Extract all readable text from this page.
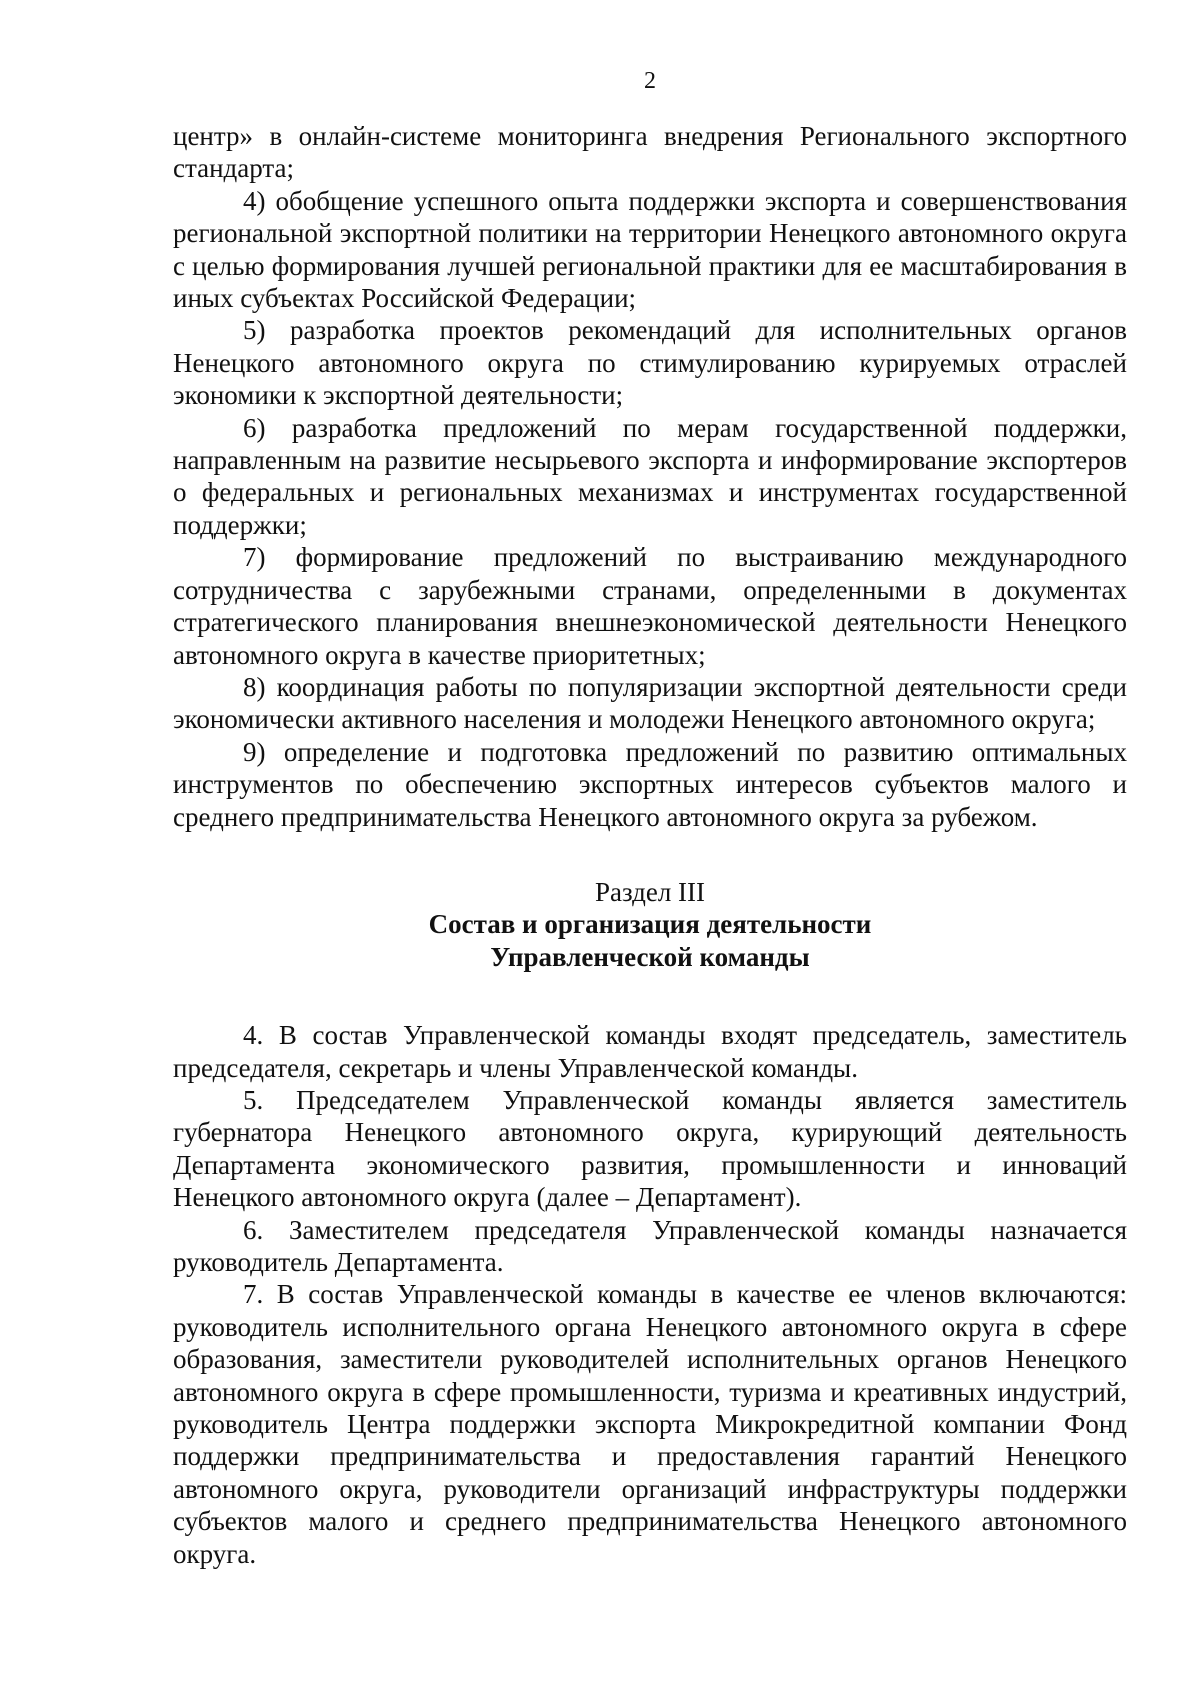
2

центр» в онлайн-системе мониторинга внедрения Регионального экспортного стандарта;

4) обобщение успешного опыта поддержки экспорта и совершенствования региональной экспортной политики на территории Ненецкого автономного округа с целью формирования лучшей региональной практики для ее масштабирования в иных субъектах Российской Федерации;

5) разработка проектов рекомендаций для исполнительных органов Ненецкого автономного округа по стимулированию курируемых отраслей экономики к экспортной деятельности;

6) разработка предложений по мерам государственной поддержки, направленным на развитие несырьевого экспорта и информирование экспортеров о федеральных и региональных механизмах и инструментах государственной поддержки;

7) формирование предложений по выстраиванию международного сотрудничества с зарубежными странами, определенными в документах стратегического планирования внешнеэкономической деятельности Ненецкого автономного округа в качестве приоритетных;

8) координация работы по популяризации экспортной деятельности среди экономически активного населения и молодежи Ненецкого автономного округа;

9) определение и подготовка предложений по развитию оптимальных инструментов по обеспечению экспортных интересов субъектов малого и среднего предпринимательства Ненецкого автономного округа за рубежом.

Раздел III
Состав и организация деятельности
Управленческой команды

4. В состав Управленческой команды входят председатель, заместитель председателя, секретарь и члены Управленческой команды.

5. Председателем Управленческой команды является заместитель губернатора Ненецкого автономного округа, курирующий деятельность Департамента экономического развития, промышленности и инноваций Ненецкого автономного округа (далее – Департамент).

6. Заместителем председателя Управленческой команды назначается руководитель Департамента.

7. В состав Управленческой команды в качестве ее членов включаются: руководитель исполнительного органа Ненецкого автономного округа в сфере образования, заместители руководителей исполнительных органов Ненецкого автономного округа в сфере промышленности, туризма и креативных индустрий, руководитель Центра поддержки экспорта Микрокредитной компании Фонд поддержки предпринимательства и предоставления гарантий Ненецкого автономного округа, руководители организаций инфраструктуры поддержки субъектов малого и среднего предпринимательства Ненецкого автономного округа.
